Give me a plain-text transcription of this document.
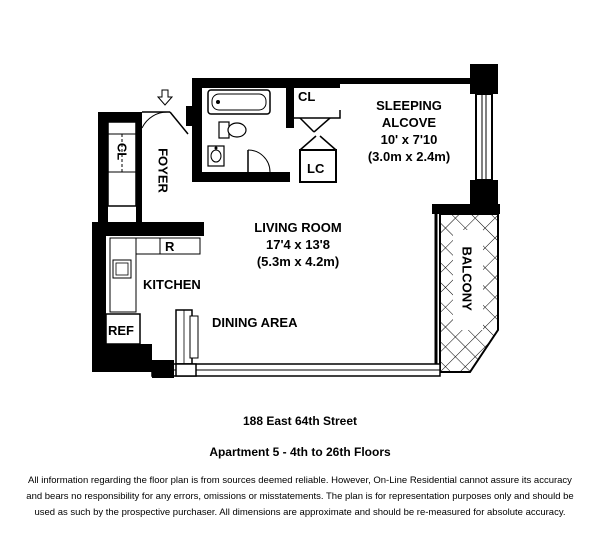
SLEEPING
ALCOVE
10' x 7'10
(3.0m x 2.4m)
LIVING ROOM
17'4 x 13'8
(5.3m x 4.2m)
KITCHEN
DINING AREA
FOYER
BALCONY
CL
CL
LC
REF
R
188 East 64th Street
Apartment 5 - 4th to 26th Floors
All information regarding the floor plan is from sources deemed reliable. However, On-Line Residential cannot assure its accuracy
and bears no responsibility for any errors, omissions or misstatements. The plan is for representation purposes only and should be
used as such by the prospective purchaser. All dimensions are approximate and should be re-measured for absolute accuracy.
